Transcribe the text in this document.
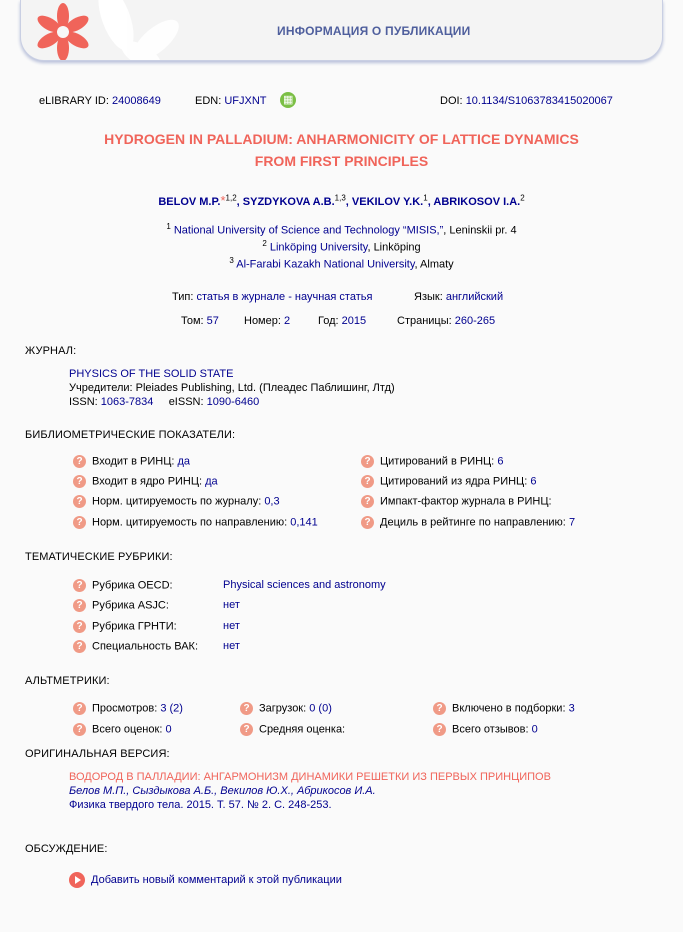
ИНФОРМАЦИЯ О ПУБЛИКАЦИИ
eLIBRARY ID: 24008649	EDN: UFJXNT
▦	DOI: 10.1134/S1063783415020067
HYDROGEN IN PALLADIUM: ANHARMONICITY OF LATTICE DYNAMICS
FROM FIRST PRINCIPLES
BELOV M.P.*$^{1,2}$, SYZDYKOVA A.B.$^{1,3}$, VEKILOV Y.K.$^1$, ABRIKOSOV I.A.$^2$
$^1$ National University of Science and Technology “MISIS,”, Leninskii pr. 4
$^2$ Linköping University, Linköping
$^3$ Al-Farabi Kazakh National University, Almaty
Тип: статья в журнале - научная статья	Язык: английский
Том: 57 Номер: 2	Год: 2015	Страницы: 260-265
ЖУРНАЛ:
PHYSICS OF THE SOLID STATE
Учредители: Pleiades Publishing, Ltd. (Плеадес Паблишинг, Лтд)
ISSN: 1063-7834 eISSN: 1090-6460
БИБЛИОМЕТРИЧЕСКИЕ ПОКАЗАТЕЛИ:
? Входит в РИНЦ: да
? Входит в ядро РИНЦ: да
? Норм. цитируемость по журналу: 0,3
? Норм. цитируемость по направлению: 0,141
? Цитирований в РИНЦ: 6
? Цитирований из ядра РИНЦ: 6
? Импакт-фактор журнала в РИНЦ:
? Дециль в рейтинге по направлению: 7
ТЕМАТИЧЕСКИЕ РУБРИКИ:
? Рубрика OECD:	Physical sciences and astronomy
? Рубрика ASJC:	нет
? Рубрика ГРНТИ:	нет
? Специальность ВАК: нет
АЛЬТМЕТРИКИ:
? Просмотров: 3 (2)	? Загрузок: 0 (0)	? Включено в подборки: 3
? Всего оценок: 0	? Средняя оценка:	? Всего отзывов: 0
ОРИГИНАЛЬНАЯ ВЕРСИЯ:
ВОДОРОД В ПАЛЛАДИИ: АНГАРМОНИЗМ ДИНАМИКИ РЕШЕТКИ ИЗ ПЕРВЫХ ПРИНЦИПОВ
Белов М.П., Сыздыкова А.Б., Векилов Ю.Х., Абрикосов И.А.
Физика твердого тела. 2015. Т. 57. № 2. С. 248-253.
ОБСУЖДЕНИЕ:
Добавить новый комментарий к этой публикации
